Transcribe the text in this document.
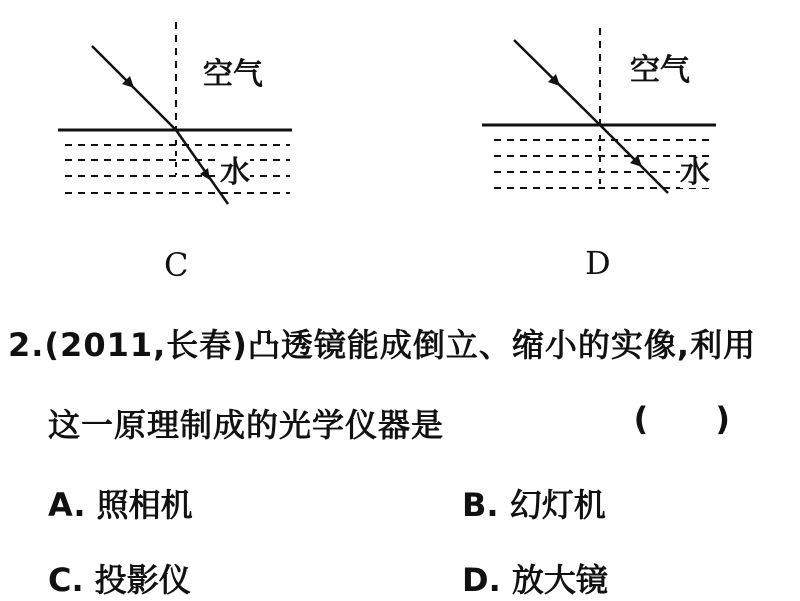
空气
水
C
空气
水
D
2.(2011,长春)凸透镜能成倒立、缩小的实像,利用
这一原理制成的光学仪器是	( )
A. 照相机	B. 幻灯机
C. 投影仪	D. 放大镜
